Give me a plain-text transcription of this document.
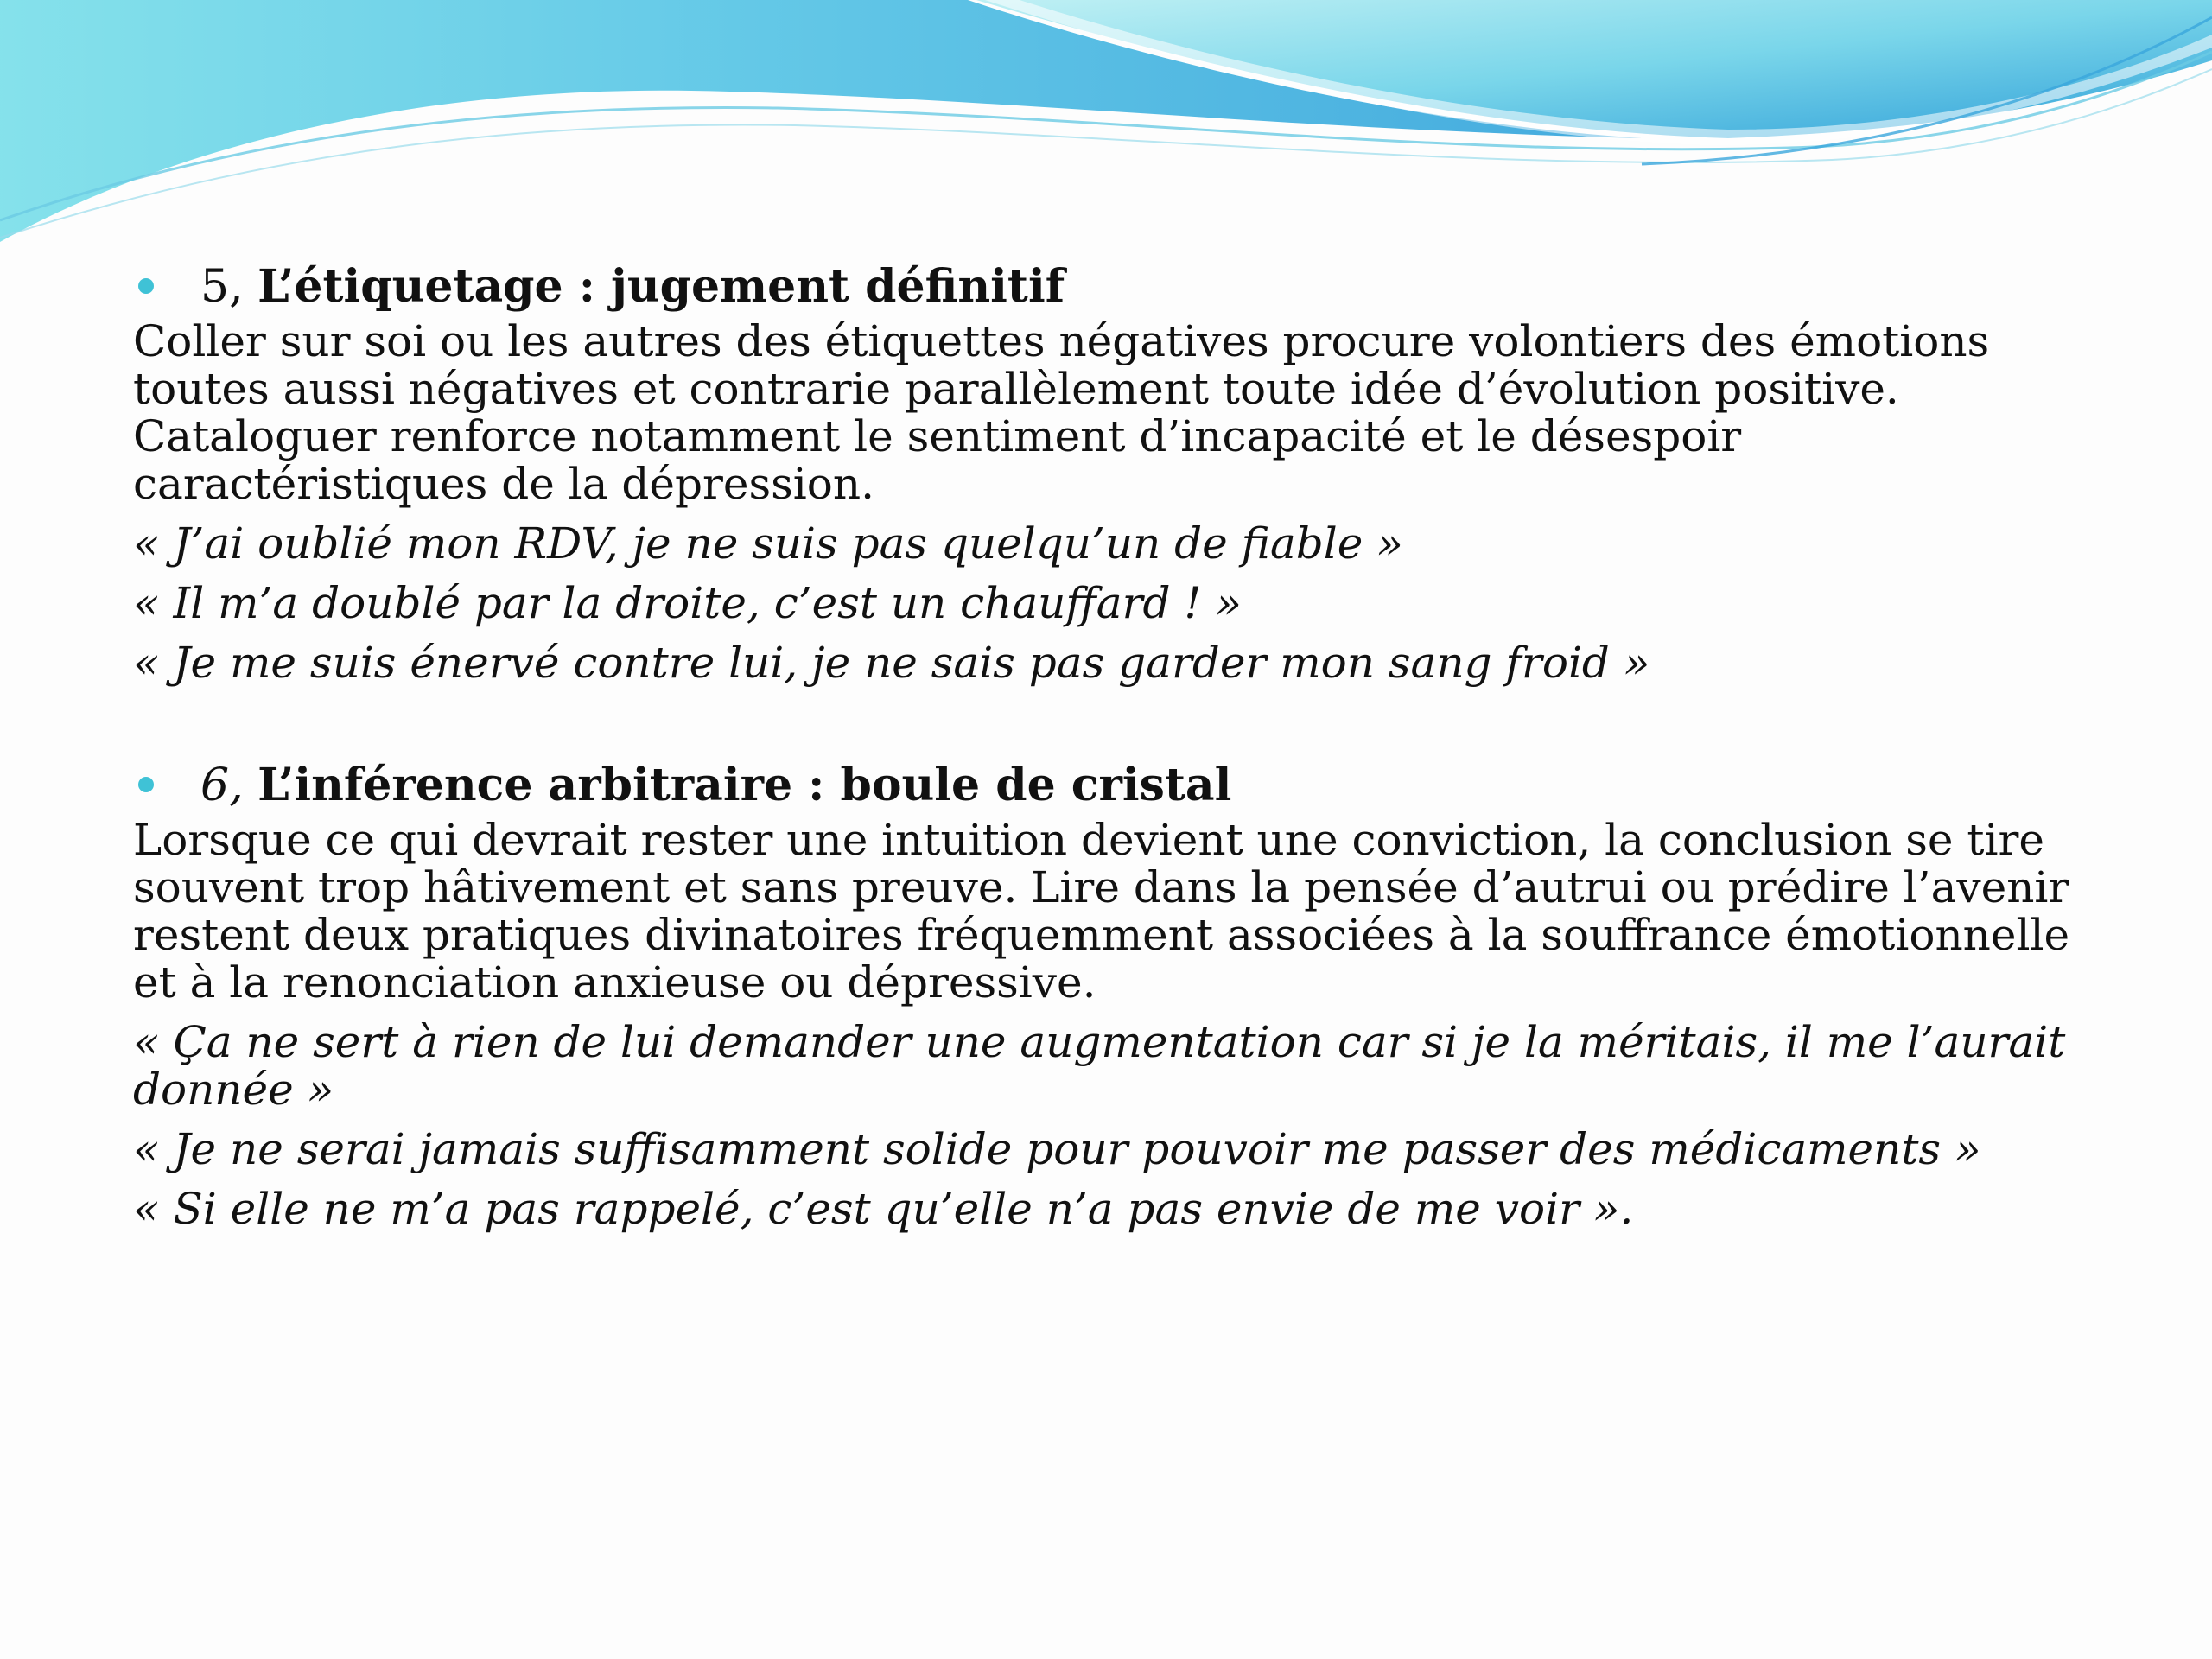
5, L’étiquetage : jugement définitif

Coller sur soi ou les autres des étiquettes négatives procure volontiers des émotions toutes aussi négatives et contrarie parallèlement toute idée d’évolution positive. Cataloguer renforce notamment le sentiment d’incapacité et le désespoir caractéristiques de la dépression.

« J’ai oublié mon RDV, je ne suis pas quelqu’un de fiable »

« Il m’a doublé par la droite, c’est un chauffard ! »

« Je me suis énervé contre lui, je ne sais pas garder mon sang froid »

6, L’inférence arbitraire : boule de cristal

Lorsque ce qui devrait rester une intuition devient une conviction, la conclusion se tire souvent trop hâtivement et sans preuve. Lire dans la pensée d’autrui ou prédire l’avenir restent deux pratiques divinatoires fréquemment associées à la souffrance émotionnelle et à la renonciation anxieuse ou dépressive.

« Ça ne sert à rien de lui demander une augmentation car si je la méritais, il me l’aurait donnée »

« Je ne serai jamais suffisamment solide pour pouvoir me passer des médicaments »

« Si elle ne m’a pas rappelé, c’est qu’elle n’a pas envie de me voir ».
